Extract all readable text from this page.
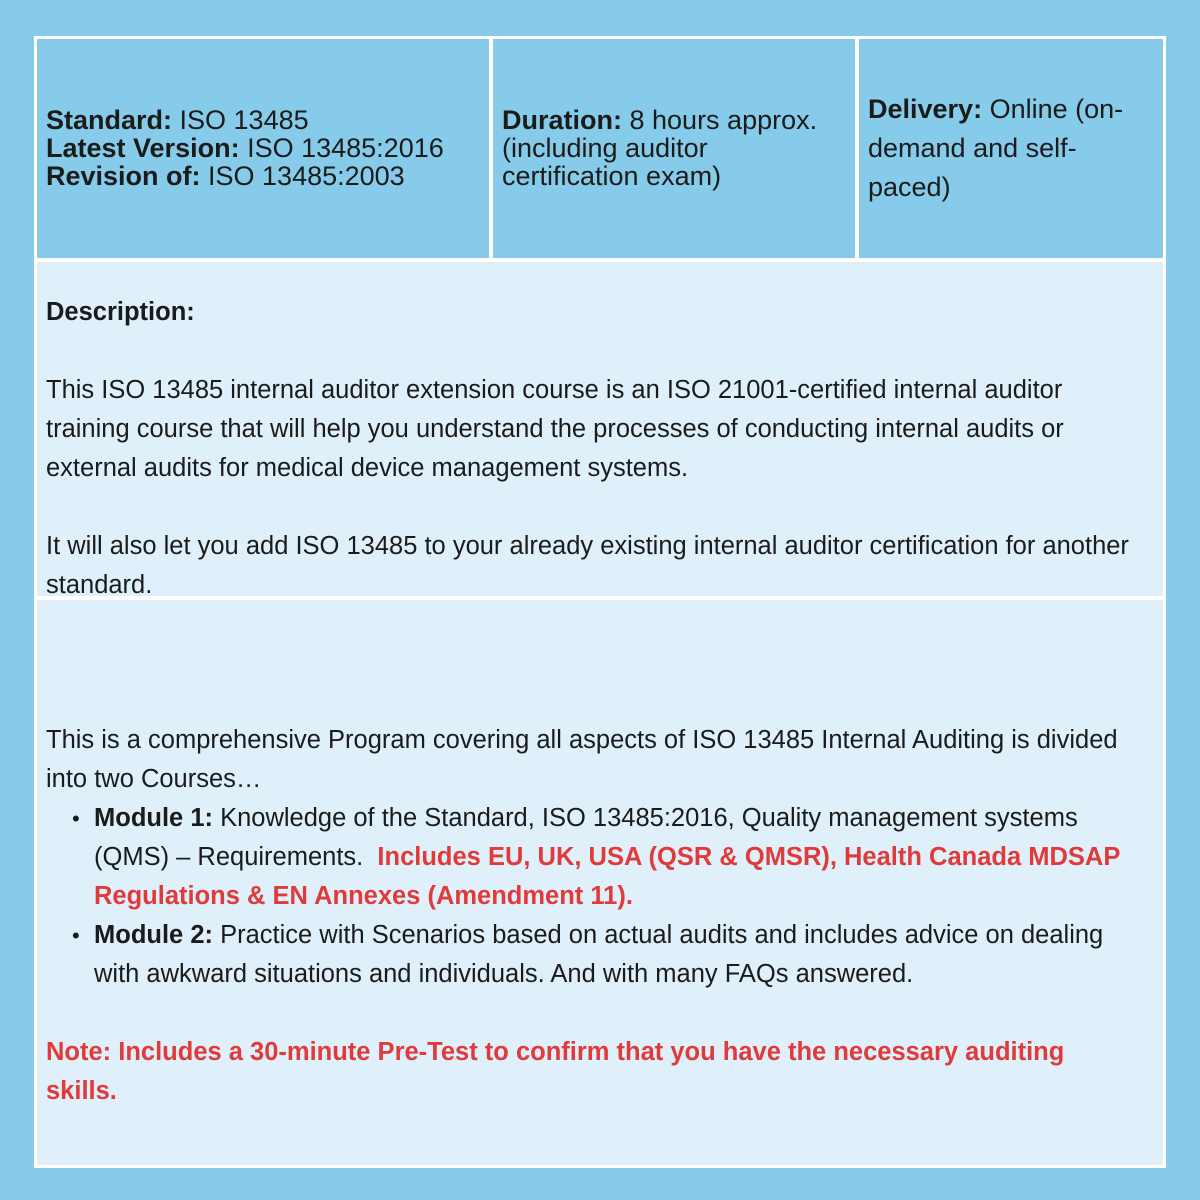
Standard: ISO 13485
Latest Version: ISO 13485:2016
Revision of: ISO 13485:2003
Duration: 8 hours approx. (including auditor certification exam)
Delivery: Online (on-demand and self-paced)
Description:

This ISO 13485 internal auditor extension course is an ISO 21001-certified internal auditor training course that will help you understand the processes of conducting internal audits or external audits for medical device management systems.

It will also let you add ISO 13485 to your already existing internal auditor certification for another standard.

This is a comprehensive Program covering all aspects of ISO 13485 Internal Auditing is divided into two Courses…

• Module 1: Knowledge of the Standard, ISO 13485:2016, Quality management systems (QMS) – Requirements. Includes EU, UK, USA (QSR & QMSR), Health Canada MDSAP Regulations & EN Annexes (Amendment 11).
• Module 2: Practice with Scenarios based on actual audits and includes advice on dealing with awkward situations and individuals. And with many FAQs answered.

Note: Includes a 30-minute Pre-Test to confirm that you have the necessary auditing skills.
